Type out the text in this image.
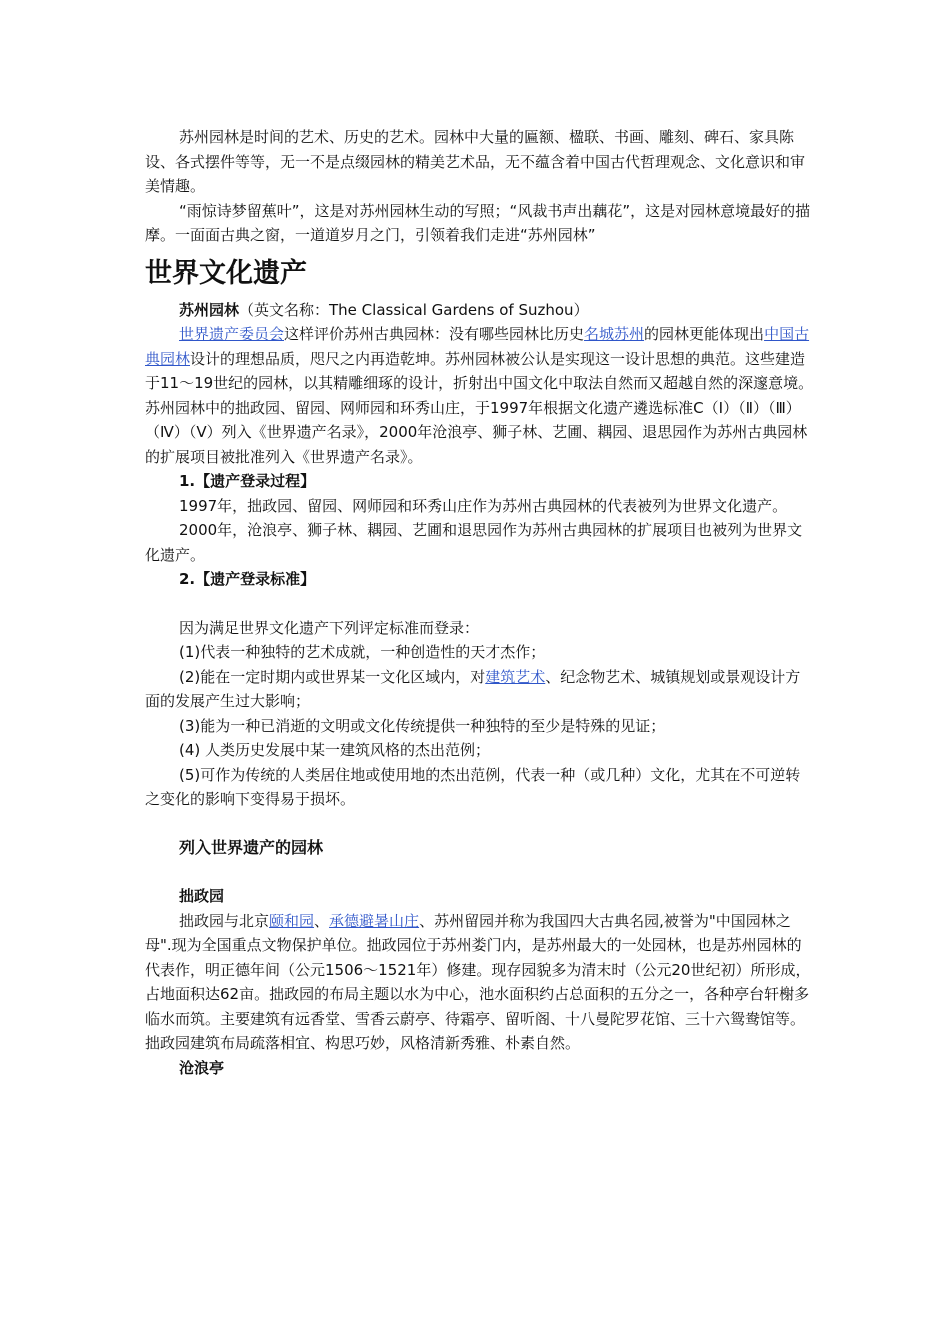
苏州园林是时间的艺术、历史的艺术。园林中大量的匾额、楹联、书画、雕刻、碑石、家具陈设、各式摆件等等，无一不是点缀园林的精美艺术品，无不蕴含着中国古代哲理观念、文化意识和审美情趣。

“雨惊诗梦留蕉叶”，这是对苏州园林生动的写照；“风裁书声出藕花”，这是对园林意境最好的描摩。一面面古典之窗，一道道岁月之门，引领着我们走进“苏州园林”

世界文化遗产

苏州园林（英文名称：The Classical Gardens of Suzhou）

世界遗产委员会这样评价苏州古典园林：没有哪些园林比历史名城苏州的园林更能体现出中国古典园林设计的理想品质，咫尺之内再造乾坤。苏州园林被公认是实现这一设计思想的典范。这些建造于11～19世纪的园林，以其精雕细琢的设计，折射出中国文化中取法自然而又超越自然的深邃意境。苏州园林中的拙政园、留园、网师园和环秀山庄，于1997年根据文化遗产遴选标准C（Ⅰ）（Ⅱ）（Ⅲ）（Ⅳ）（Ⅴ）列入《世界遗产名录》，2000年沧浪亭、狮子林、艺圃、耦园、退思园作为苏州古典园林的扩展项目被批准列入《世界遗产名录》。

1.【遗产登录过程】

1997年，拙政园、留园、网师园和环秀山庄作为苏州古典园林的代表被列为世界文化遗产。

2000年，沧浪亭、狮子林、耦园、艺圃和退思园作为苏州古典园林的扩展项目也被列为世界文化遗产。

2.【遗产登录标准】

因为满足世界文化遗产下列评定标准而登录：

(1)代表一种独特的艺术成就，一种创造性的天才杰作；

(2)能在一定时期内或世界某一文化区域内，对建筑艺术、纪念物艺术、城镇规划或景观设计方面的发展产生过大影响；

(3)能为一种已消逝的文明或文化传统提供一种独特的至少是特殊的见证；

(4) 人类历史发展中某一建筑风格的杰出范例；

(5)可作为传统的人类居住地或使用地的杰出范例，代表一种（或几种）文化，尤其在不可逆转之变化的影响下变得易于损坏。

列入世界遗产的园林

拙政园

拙政园与北京颐和园、承德避暑山庄、苏州留园并称为我国四大古典名园,被誉为"中国园林之母".现为全国重点文物保护单位。拙政园位于苏州娄门内，是苏州最大的一处园林，也是苏州园林的代表作，明正德年间（公元1506～1521年）修建。现存园貌多为清末时（公元20世纪初）所形成，占地面积达62亩。拙政园的布局主题以水为中心，池水面积约占总面积的五分之一，各种亭台轩榭多临水而筑。主要建筑有远香堂、雪香云蔚亭、待霜亭、留听阁、十八曼陀罗花馆、三十六鸳鸯馆等。拙政园建筑布局疏落相宜、构思巧妙，风格清新秀雅、朴素自然。

沧浪亭
